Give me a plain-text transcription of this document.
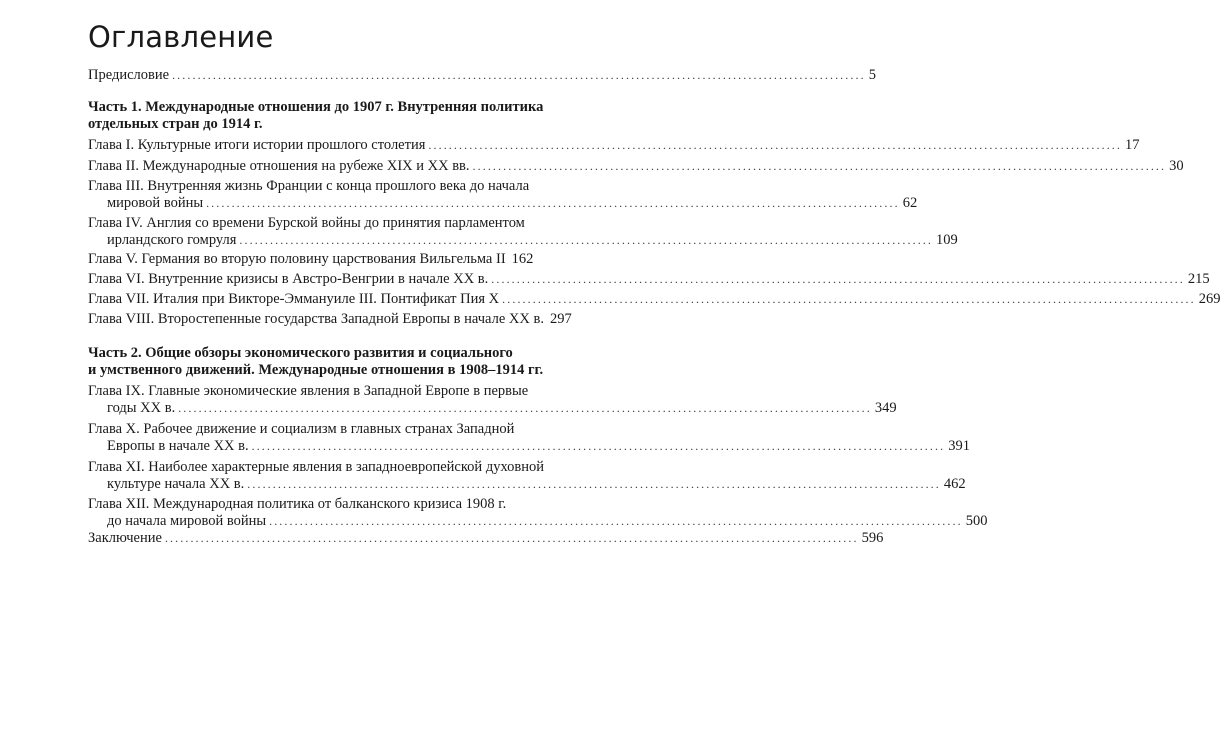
Оглавление
Предисловие ........................................................................................................................................ 5
Часть 1. Международные отношения до 1907 г. Внутренняя политика
отдельных стран до 1914 г.
Глава I. Культурные итоги истории прошлого столетия ........................................................................................................................................ 17
Глава II. Международные отношения на рубеже XIX и XX вв. ........................................................................................................................................ 30
Глава III. Внутренняя жизнь Франции с конца прошлого века до начала
мировой войны ........................................................................................................................................ 62
Глава IV. Англия со времени Бурской войны до принятия парламентом
ирландского гомруля ........................................................................................................................................ 109
Глава V. Германия во вторую половину царствования Вильгельма II 162
Глава VI. Внутренние кризисы в Австро-Венгрии в начале XX в. ........................................................................................................................................ 215
Глава VII. Италия при Викторе-Эммануиле III. Понтификат Пия X ........................................................................................................................................ 269
Глава VIII. Второстепенные государства Западной Европы в начале XX в. 297
Часть 2. Общие обзоры экономического развития и социального
и умственного движений. Международные отношения в 1908–1914 гг.
Глава IX. Главные экономические явления в Западной Европе в первые
годы XX в. ........................................................................................................................................ 349
Глава X. Рабочее движение и социализм в главных странах Западной
Европы в начале XX в. ........................................................................................................................................ 391
Глава XI. Наиболее характерные явления в западноевропейской духовной
культуре начала XX в. ........................................................................................................................................ 462
Глава XII. Международная политика от балканского кризиса 1908 г.
до начала мировой войны ........................................................................................................................................ 500
Заключение ........................................................................................................................................ 596
